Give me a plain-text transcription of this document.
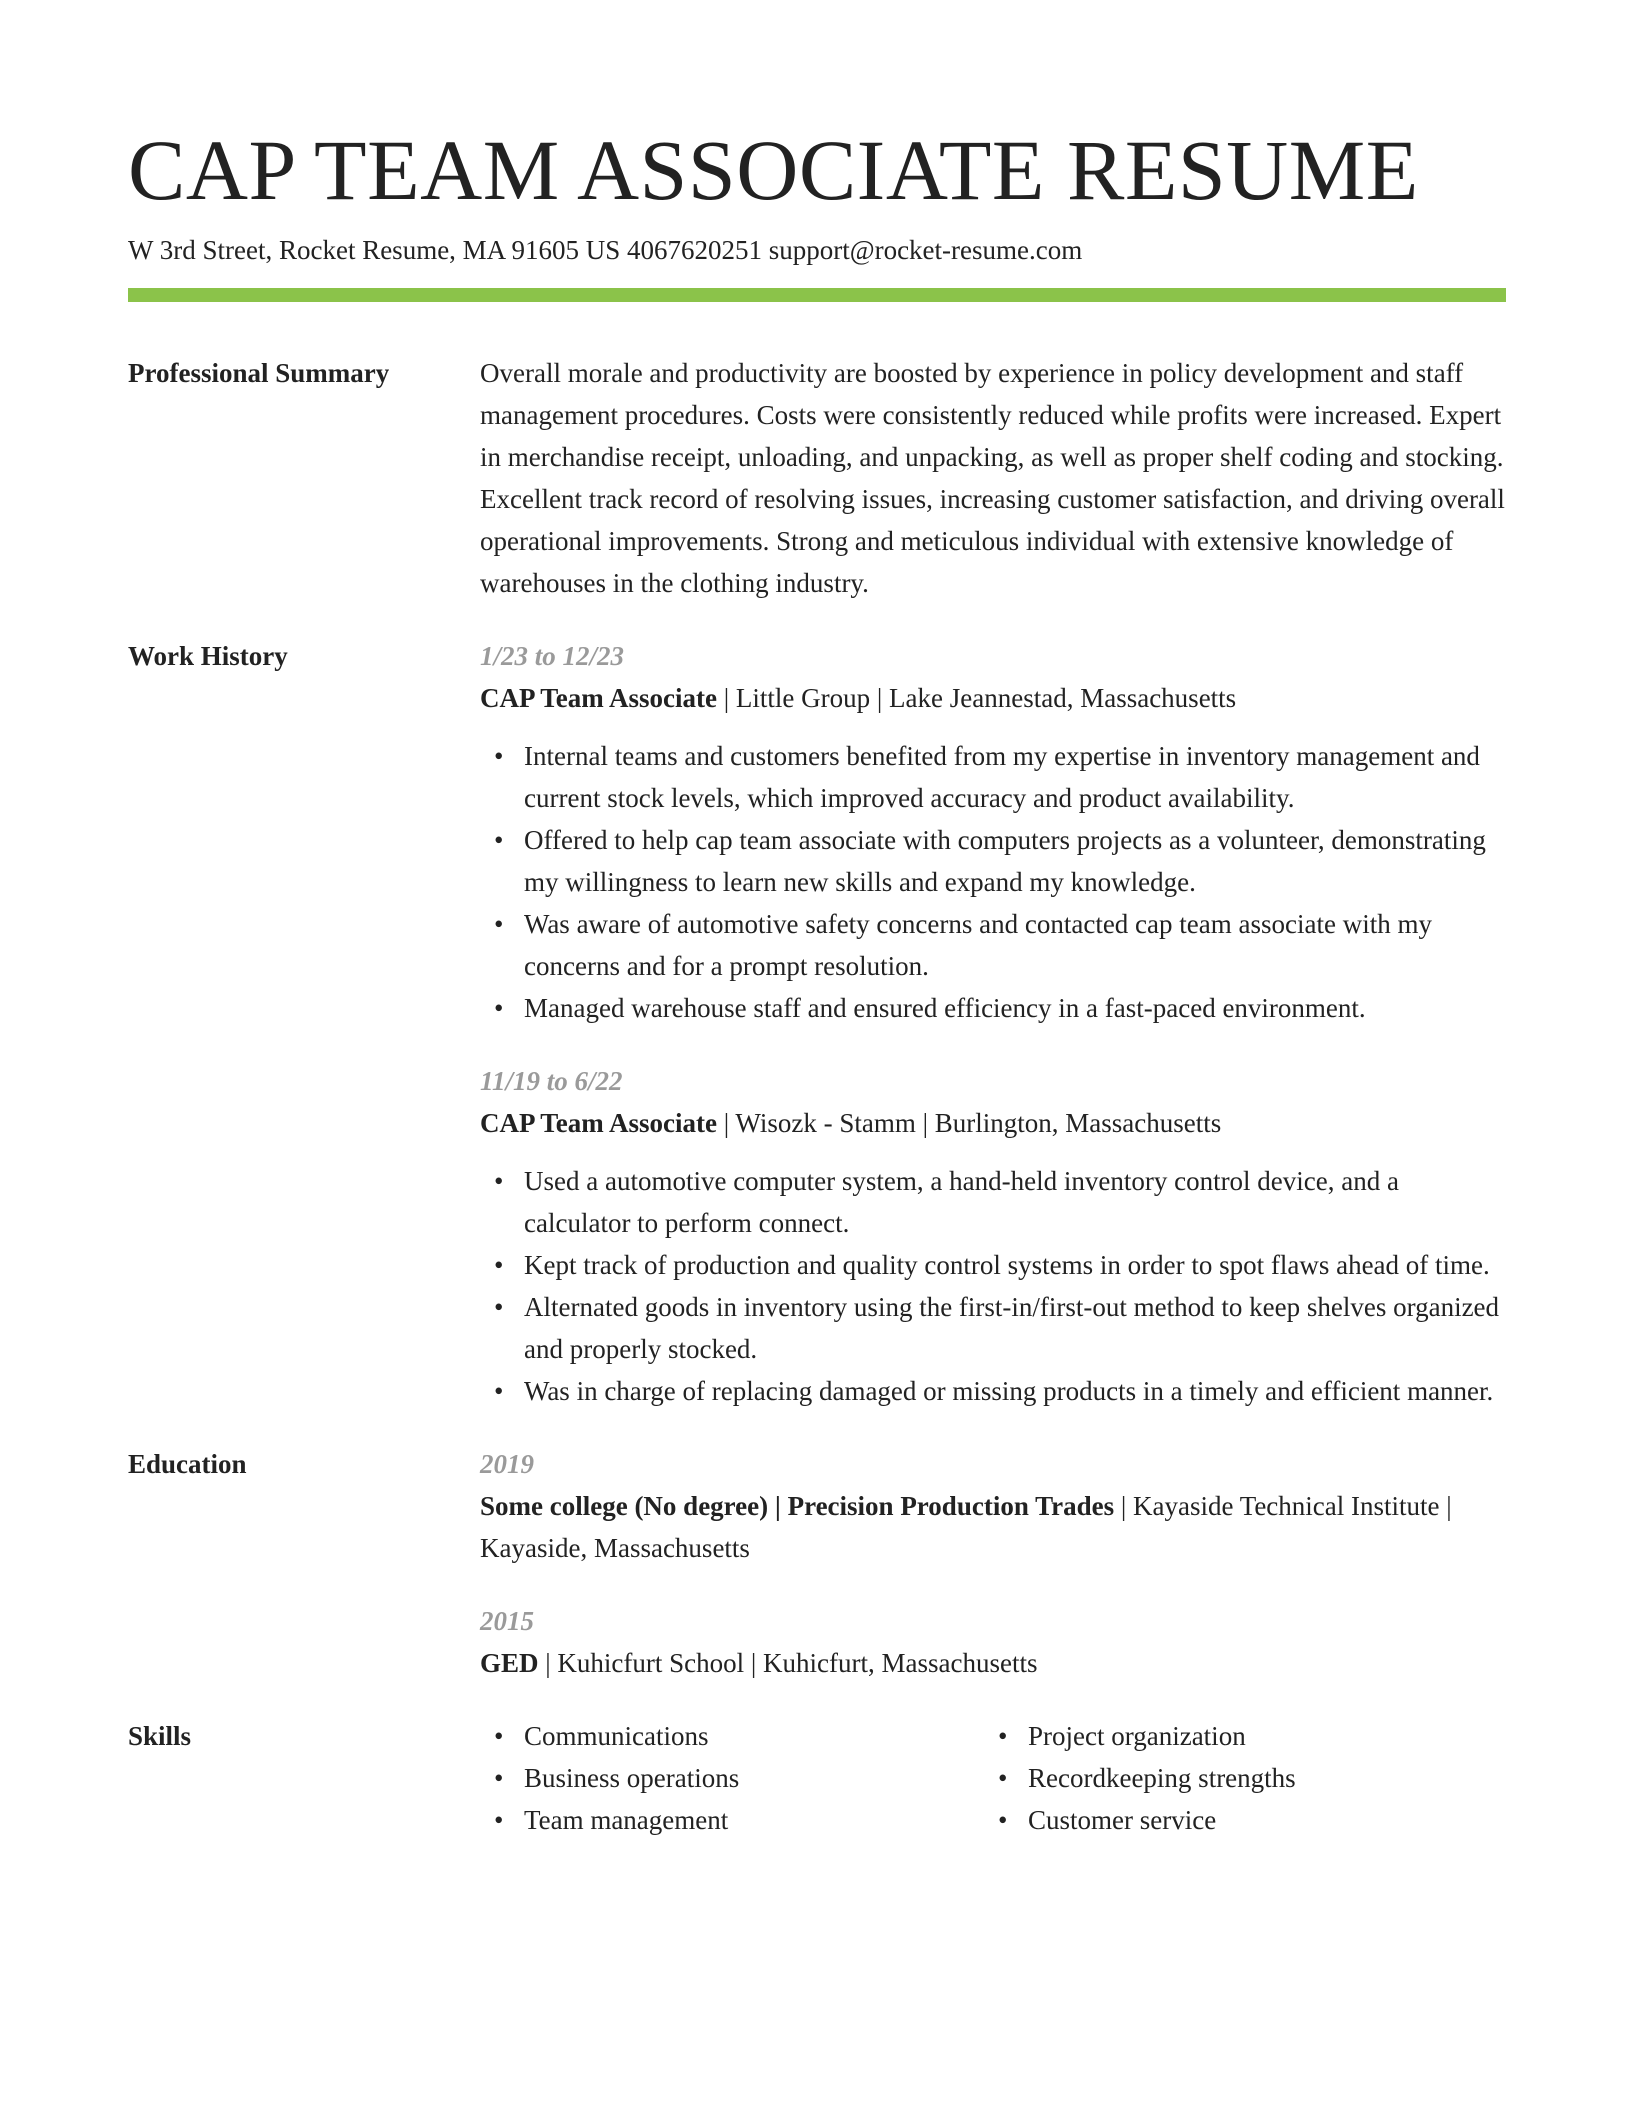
CAP TEAM ASSOCIATE RESUME
W 3rd Street, Rocket Resume, MA 91605 US 4067620251 support@rocket-resume.com
Professional Summary	Overall morale and productivity are boosted by experience in policy development and staff management procedures. Costs were consistently reduced while profits were increased. Expert in merchandise receipt, unloading, and unpacking, as well as proper shelf coding and stocking. Excellent track record of resolving issues, increasing customer satisfaction, and driving overall operational improvements. Strong and meticulous individual with extensive knowledge of warehouses in the clothing industry.
Work History	1/23 to 12/23
CAP Team Associate | Little Group | Lake Jeannestad, Massachusetts
• Internal teams and customers benefited from my expertise in inventory management and current stock levels, which improved accuracy and product availability.
• Offered to help cap team associate with computers projects as a volunteer, demonstrating my willingness to learn new skills and expand my knowledge.
• Was aware of automotive safety concerns and contacted cap team associate with my concerns and for a prompt resolution.
• Managed warehouse staff and ensured efficiency in a fast-paced environment.
11/19 to 6/22
CAP Team Associate | Wisozk - Stamm | Burlington, Massachusetts
• Used a automotive computer system, a hand-held inventory control device, and a calculator to perform connect.
• Kept track of production and quality control systems in order to spot flaws ahead of time.
• Alternated goods in inventory using the first-in/first-out method to keep shelves organized and properly stocked.
• Was in charge of replacing damaged or missing products in a timely and efficient manner.
Education	2019
Some college (No degree) | Precision Production Trades | Kayaside Technical Institute | Kayaside, Massachusetts
2015
GED | Kuhicfurt School | Kuhicfurt, Massachusetts
Skills
•	Communications
• Business operations
• Team management
• Project organization
• Recordkeeping strengths
• Customer service
